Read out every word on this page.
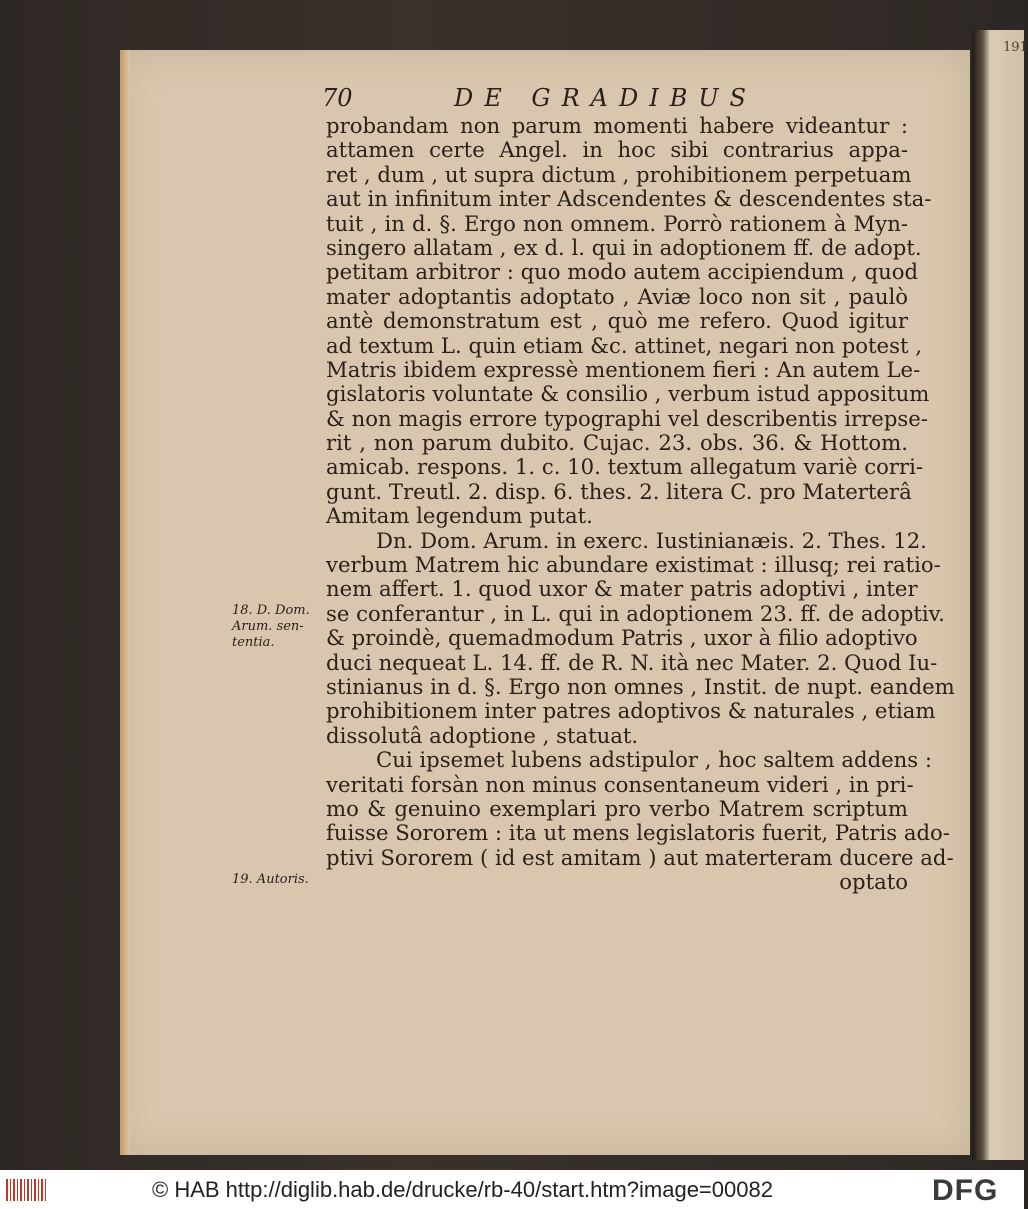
191
70	DE GRADIBUS
probandam non parum momenti habere videantur :
attamen certe Angel. in hoc sibi contrarius appa-
ret , dum , ut supra dictum , prohibitionem perpetuam
aut in infinitum inter Adscendentes & descendentes sta-
tuit , in d. §. Ergo non omnem. Porrò rationem à Myn-
singero allatam , ex d. l. qui in adoptionem ff. de adopt.
petitam arbitror : quo modo autem accipiendum , quod
mater adoptantis adoptato , Aviæ loco non sit , paulò
antè demonstratum est , quò me refero. Quod igitur
ad textum L. quin etiam &c. attinet, negari non potest ,
Matris ibidem expressè mentionem fieri : An autem Le-
gislatoris voluntate & consilio , verbum istud appositum
& non magis errore typographi vel describentis irrepse-
rit , non parum dubito. Cujac. 23. obs. 36. & Hottom.
amicab. respons. 1. c. 10. textum allegatum variè corri-
gunt. Treutl. 2. disp. 6. thes. 2. litera C. pro Materterâ
Amitam legendum putat.
Dn. Dom. Arum. in exerc. Iustinianæis. 2. Thes. 12.
verbum Matrem hic abundare existimat : illusq; rei ratio-
nem affert. 1. quod uxor & mater patris adoptivi , inter
se conferantur , in L. qui in adoptionem 23. ff. de adoptiv.
& proindè, quemadmodum Patris , uxor à filio adoptivo
duci nequeat L. 14. ff. de R. N. ità nec Mater. 2. Quod Iu-
stinianus in d. §. Ergo non omnes , Instit. de nupt. eandem
prohibitionem inter patres adoptivos & naturales , etiam
dissolutâ adoptione , statuat.
Cui ipsemet lubens adstipulor , hoc saltem addens :
veritati forsàn non minus consentaneum videri , in pri-
mo & genuino exemplari pro verbo Matrem scriptum
fuisse Sororem : ita ut mens legislatoris fuerit, Patris ado-
ptivi Sororem ( id est amitam ) aut materteram ducere ad-
optato
18. D. Dom.
Arum. sen-
tentia.
19. Autoris.
© HAB http://diglib.hab.de/drucke/rb-40/start.htm?image=00082	DFG
